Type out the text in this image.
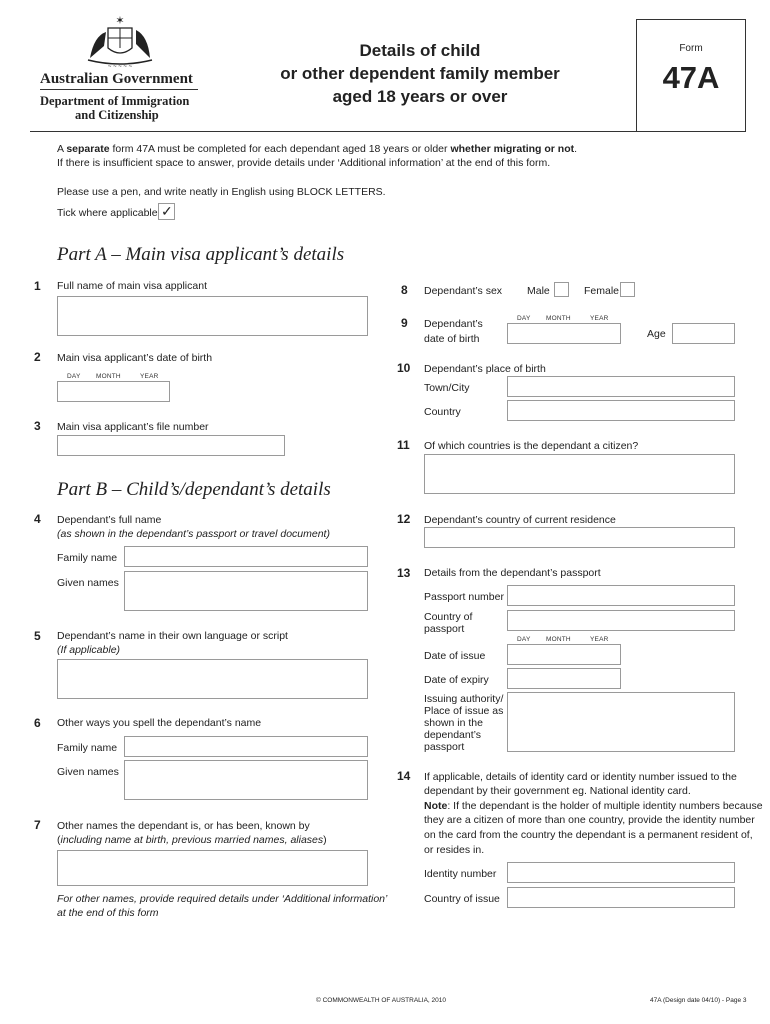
✶
~ ~ ~ ~ ~
Australian Government
Department of Immigration
and Citizenship
Details of child
or other dependent family member
aged 18 years or over
Form
47A
A separate form 47A must be completed for each dependant aged 18 years or older whether migrating or not.
If there is insufficient space to answer, provide details under ‘Additional information’ at the end of this form.
Please use a pen, and write neatly in English using BLOCK LETTERS.
Tick where applicable ✓
Part A – Main visa applicant’s details
1 Full name of main visa applicant
2 Main visa applicant’s date of birth
DAY MONTH	YEAR
3 Main visa applicant’s file number
Part B – Child’s/dependant’s details
4 Dependant’s full name
(as shown in the dependant’s passport or travel document)
Family name
Given names
5 Dependant’s name in their own language or script
(If applicable)
6 Other ways you spell the dependant’s name
Family name
Given names
7 Other names the dependant is, or has been, known by
(including name at birth, previous married names, aliases)
For other names, provide required details under ‘Additional information’
at the end of this form
8 Dependant’s sex Male	Female
9 Dependant’s
date of birth
DAY MONTH	YEAR
Age
10 Dependant’s place of birth
Town/City
Country
11 Of which countries is the dependant a citizen?
12 Dependant’s country of current residence
13 Details from the dependant’s passport
Passport number
Country of
passport
DAY MONTH	YEAR
Date of issue
Date of expiry
Issuing authority/
Place of issue as
shown in the
dependant’s
passport
14 If applicable, details of identity card or identity number issued to the
dependant by their government eg. National identity card.
Note: If the dependant is the holder of multiple identity numbers because
they are a citizen of more than one country, provide the identity number
on the card from the country the dependant is a permanent resident of,
or resides in.
Identity number
Country of issue
© COMMONWEALTH OF AUSTRALIA, 2010	47A (Design date 04/10) - Page 3
